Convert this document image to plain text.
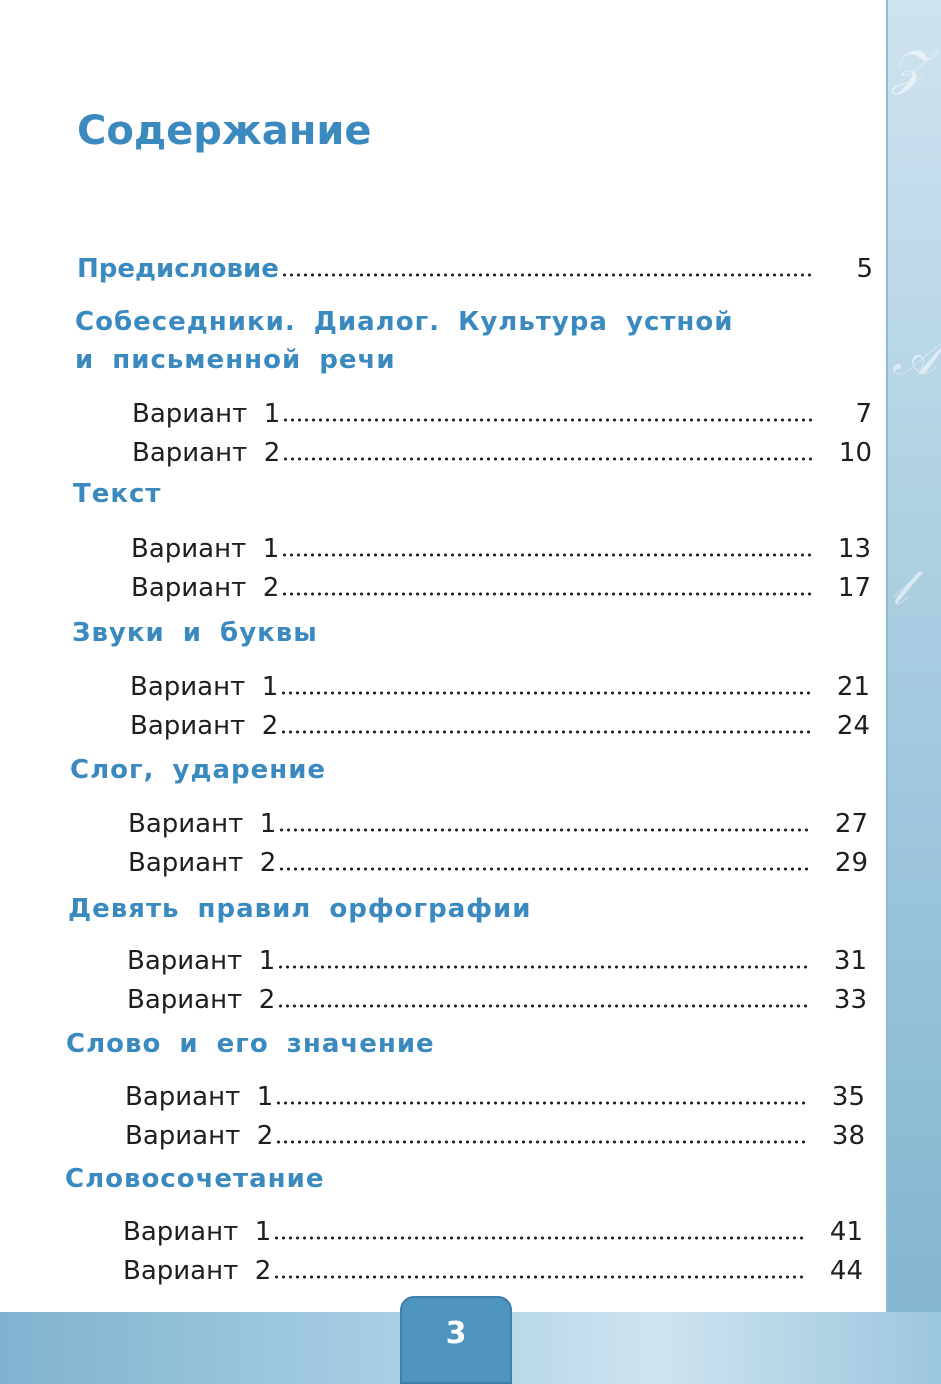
𝒵
𝒜
𝓁
Содержание
Предисловие	5
Собеседники. Диалог. Культура устной
и письменной речи
Вариант  1	7
Вариант  2	10
Текст
Вариант  1	13
Вариант  2	17
Звуки и буквы
Вариант  1	21
Вариант  2	24
Слог, ударение
Вариант  1	27
Вариант  2	29
Девять правил орфографии
Вариант  1	31
Вариант  2	33
Слово и его значение
Вариант  1	35
Вариант  2	38
Словосочетание
Вариант  1	41
Вариант  2	44
3
